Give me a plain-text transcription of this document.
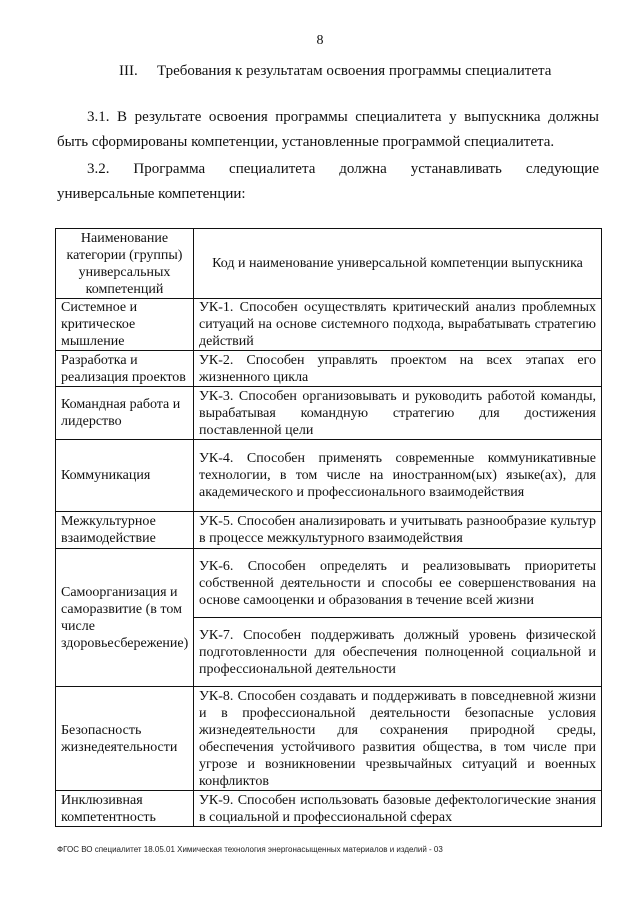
8
III. Требования к результатам освоения программы специалитета
3.1. В результате освоения программы специалитета у выпускника должны быть сформированы компетенции, установленные программой специалитета.
3.2. Программа специалитета должна устанавливать следующие
универсальные компетенции:
Наименование категории (группы) универсальных компетенций	Код и наименование универсальной компетенции выпускника
Системное и критическое мышление	УК-1. Способен осуществлять критический анализ проблемных ситуаций на основе системного подхода, вырабатывать стратегию действий
Разработка и реализация проектов	УК-2. Способен управлять проектом на всех этапах его жизненного цикла
Командная работа и лидерство	УК-3. Способен организовывать и руководить работой команды, вырабатывая командную стратегию для достижения поставленной цели
Коммуникация	УК-4. Способен применять современные коммуникативные технологии, в том числе на иностранном(ых) языке(ах), для академического и профессионального взаимодействия
Межкультурное взаимодействие	УК-5. Способен анализировать и учитывать разнообразие культур в процессе межкультурного взаимодействия
Самоорганизация и саморазвитие (в том числе здоровьесбережение)	УК-6. Способен определять и реализовывать приоритеты собственной деятельности и способы ее совершенствования на основе самооценки и образования в течение всей жизни
	УК-7. Способен поддерживать должный уровень физической подготовленности для обеспечения полноценной социальной и профессиональной деятельности
Безопасность жизнедеятельности	УК-8. Способен создавать и поддерживать в повседневной жизни и в профессиональной деятельности безопасные условия жизнедеятельности для сохранения природной среды, обеспечения устойчивого развития общества, в том числе при угрозе и возникновении чрезвычайных ситуаций и военных конфликтов
Инклюзивная компетентность	УК-9. Способен использовать базовые дефектологические знания в социальной и профессиональной сферах
ФГОС ВО специалитет 18.05.01 Химическая технология энергонасыщенных материалов и изделий - 03
